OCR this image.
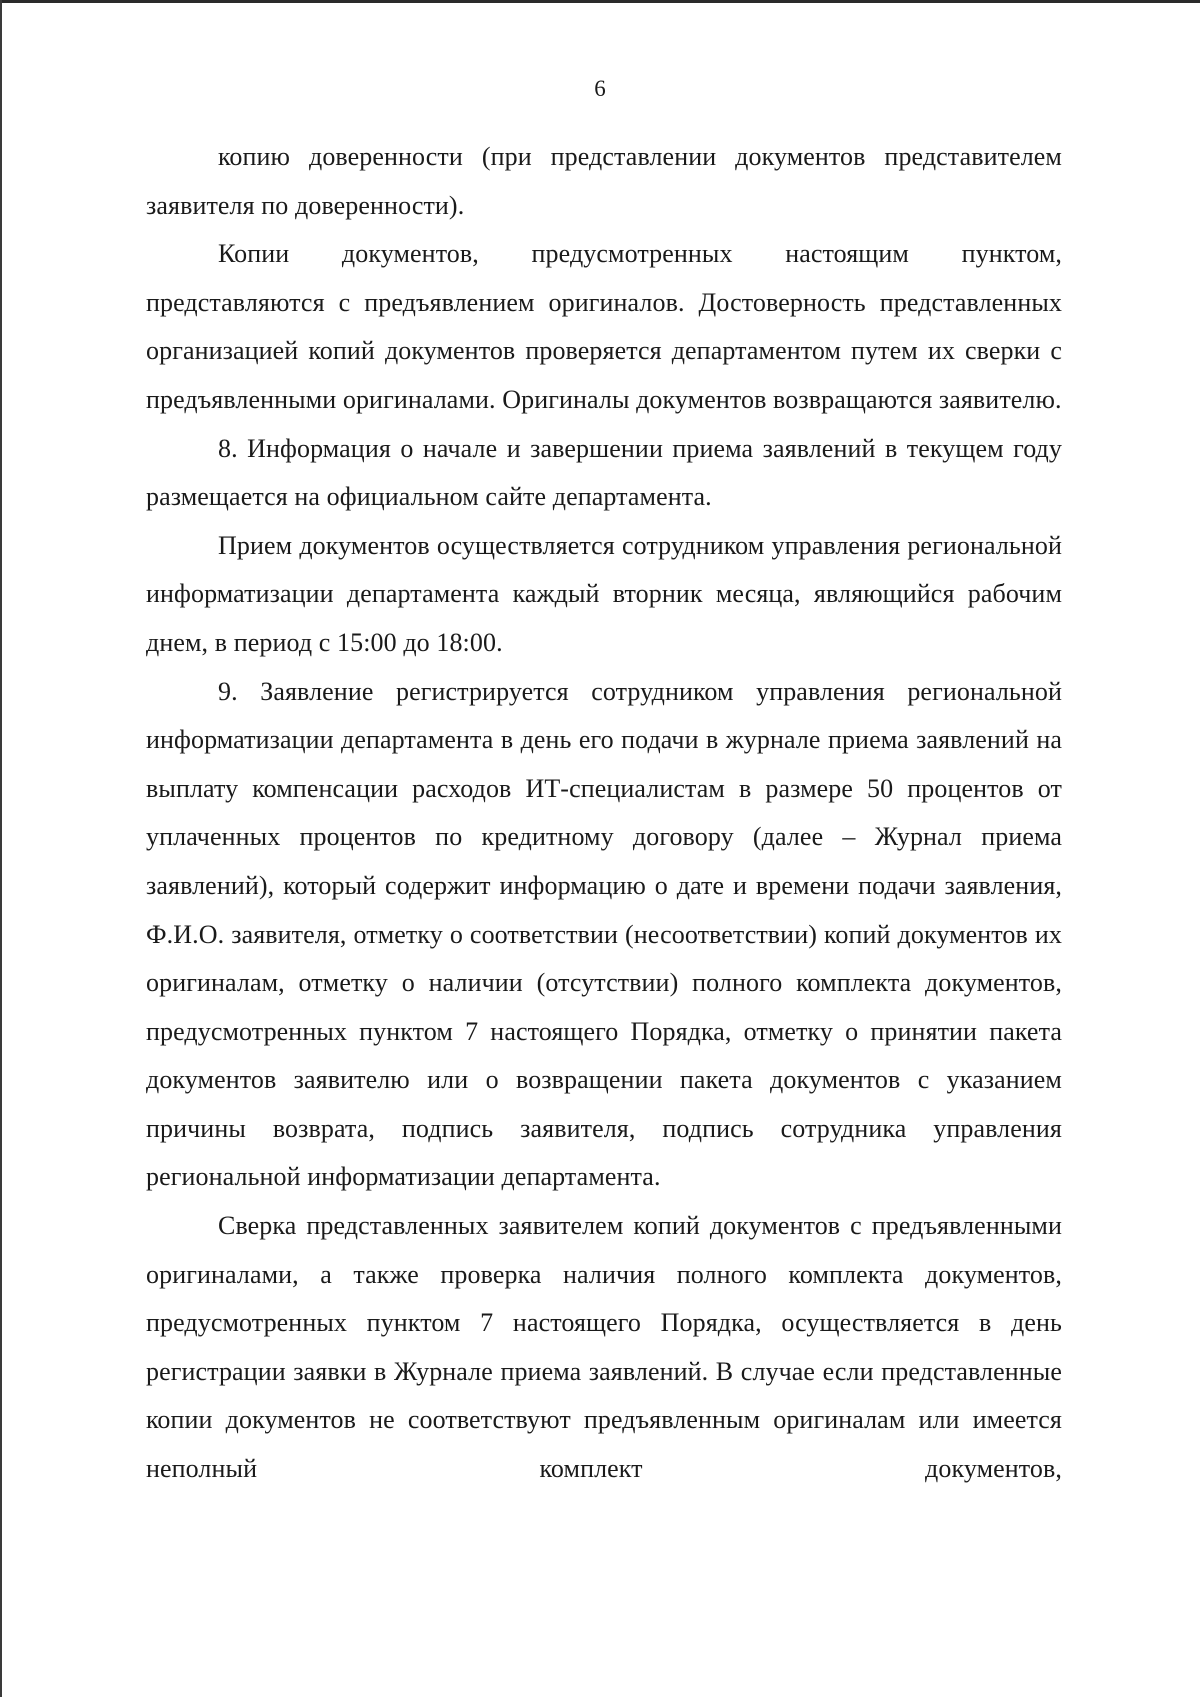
6

копию доверенности (при представлении документов представителем заявителя по доверенности).

Копии документов, предусмотренных настоящим пунктом, представляются с предъявлением оригиналов. Достоверность представленных организацией копий документов проверяется департаментом путем их сверки с предъявленными оригиналами. Оригиналы документов возвращаются заявителю.

8. Информация о начале и завершении приема заявлений в текущем году размещается на официальном сайте департамента.

Прием документов осуществляется сотрудником управления региональной информатизации департамента каждый вторник месяца, являющийся рабочим днем, в период с 15:00 до 18:00.

9. Заявление регистрируется сотрудником управления региональной информатизации департамента в день его подачи в журнале приема заявлений на выплату компенсации расходов ИТ-специалистам в размере 50 процентов от уплаченных процентов по кредитному договору (далее – Журнал приема заявлений), который содержит информацию о дате и времени подачи заявления, Ф.И.О. заявителя, отметку о соответствии (несоответствии) копий документов их оригиналам, отметку о наличии (отсутствии) полного комплекта документов, предусмотренных пунктом 7 настоящего Порядка, отметку о принятии пакета документов заявителю или о возвращении пакета документов с указанием причины возврата, подпись заявителя, подпись сотрудника управления региональной информатизации департамента.

Сверка представленных заявителем копий документов с предъявленными оригиналами, а также проверка наличия полного комплекта документов, предусмотренных пунктом 7 настоящего Порядка, осуществляется в день регистрации заявки в Журнале приема заявлений. В случае если представленные копии документов не соответствуют предъявленным оригиналам или имеется неполный комплект документов,
